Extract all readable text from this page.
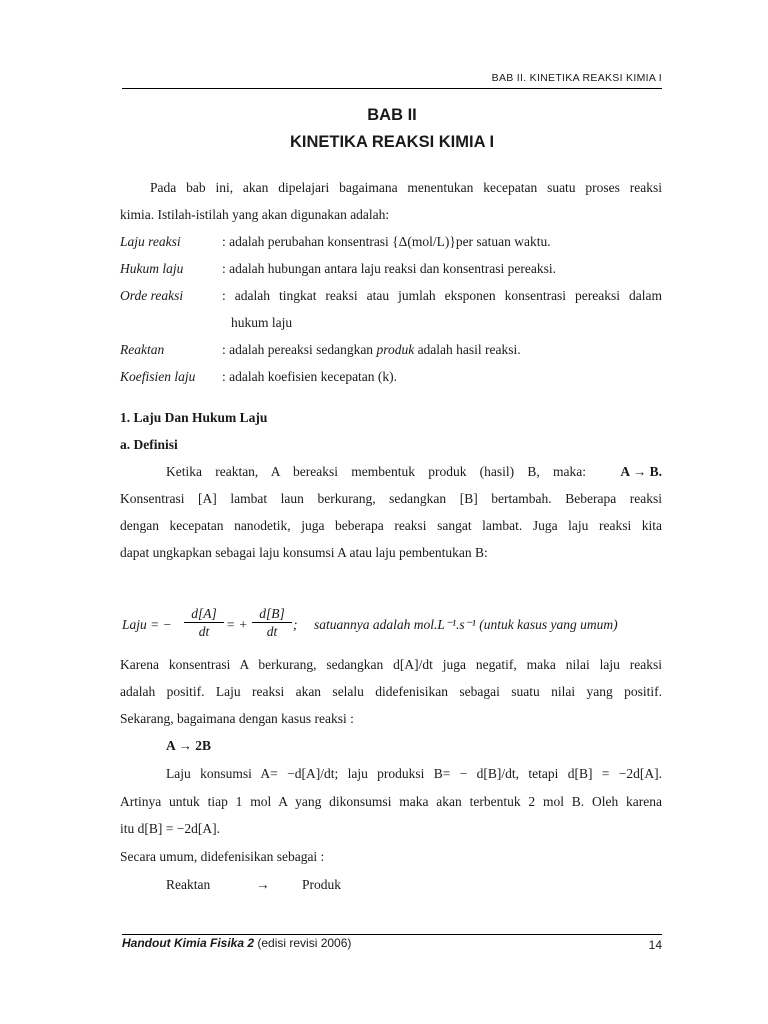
BAB II. KINETIKA REAKSI KIMIA I
BAB II
KINETIKA REAKSI KIMIA I
Pada bab ini, akan dipelajari bagaimana menentukan kecepatan suatu proses reaksi
kimia. Istilah-istilah yang akan digunakan adalah:
Laju reaksi	: adalah perubahan konsentrasi {Δ(mol/L)}per satuan waktu.
Hukum laju	: adalah hubungan antara laju reaksi dan konsentrasi pereaksi.
Orde reaksi	: adalah tingkat reaksi atau jumlah eksponen konsentrasi pereaksi dalam
hukum laju
Reaktan	: adalah pereaksi sedangkan produk adalah hasil reaksi.
Koefisien laju : adalah koefisien kecepatan (k).
1. Laju Dan Hukum Laju
a. Definisi
Ketika reaktan, A bereaksi membentuk produk (hasil) B, maka:	A → B.
Konsentrasi [A] lambat laun berkurang, sedangkan [B] bertambah. Beberapa reaksi
dengan kecepatan nanodetik, juga beberapa reaksi sangat lambat. Juga laju reaksi kita
dapat ungkapkan sebagai laju konsumsi A atau laju pembentukan B:
Laju = − $\frac{d[A]}{dt}$ = + $\frac{d[B]}{dt}$ ; satuannya adalah mol.L⁻¹.s⁻¹ (untuk kasus yang umum)
Karena konsentrasi A berkurang, sedangkan d[A]/dt juga negatif, maka nilai laju reaksi
adalah positif. Laju reaksi akan selalu didefenisikan sebagai suatu nilai yang positif.
Sekarang, bagaimana dengan kasus reaksi :
A → 2B
Laju konsumsi A= −d[A]/dt; laju produksi B= − d[B]/dt, tetapi d[B] = −2d[A].
Artinya untuk tiap 1 mol A yang dikonsumsi maka akan terbentuk 2 mol B. Oleh karena
itu d[B] = −2d[A].
Secara umum, didefenisikan sebagai :
Reaktan	→ Produk
Handout Kimia Fisika 2 (edisi revisi 2006)	14
